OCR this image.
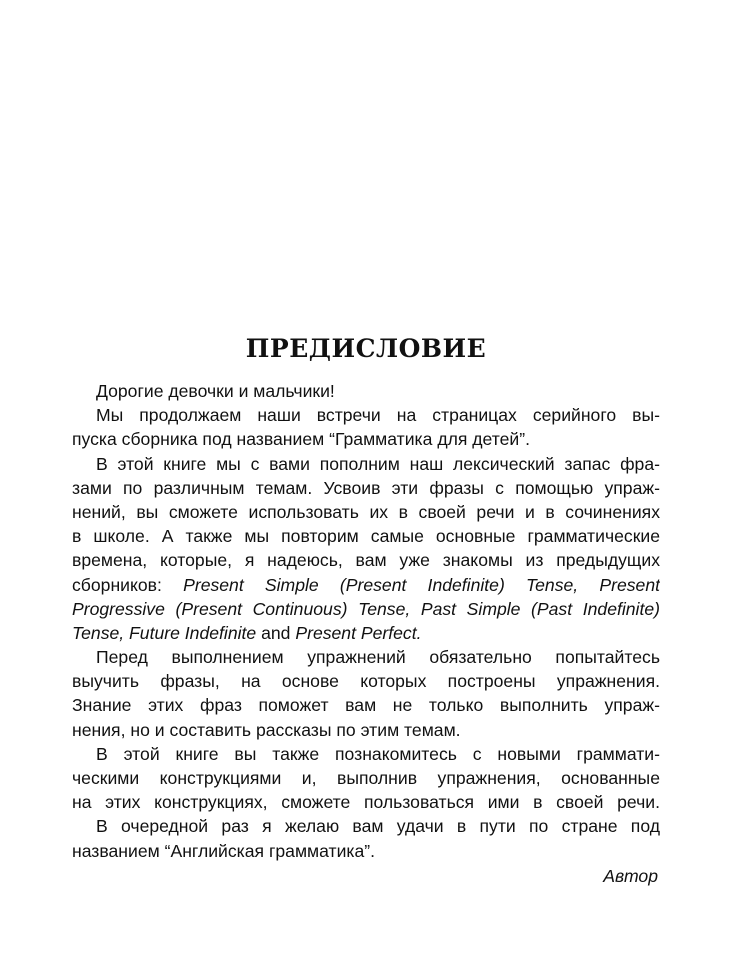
ПРЕДИСЛОВИЕ
Дорогие девочки и мальчики!
Мы продолжаем наши встречи на страницах серийного вы-
пуска сборника под названием “Грамматика для детей”.
В этой книге мы с вами пополним наш лексический запас фра-
зами по различным темам. Усвоив эти фразы с помощью упраж-
нений, вы сможете использовать их в своей речи и в сочинениях
в школе. А также мы повторим самые основные грамматические
времена, которые, я надеюсь, вам уже знакомы из предыдущих
сборников: Present Simple (Present Indefinite) Tense, Present
Progressive (Present Continuous) Tense, Past Simple (Past Indefinite)
Tense, Future Indefinite and Present Perfect.
Перед выполнением упражнений обязательно попытайтесь
выучить фразы, на основе которых построены упражнения.
Знание этих фраз поможет вам не только выполнить упраж-
нения, но и составить рассказы по этим темам.
В этой книге вы также познакомитесь с новыми граммати-
ческими конструкциями и, выполнив упражнения, основанные
на этих конструкциях, сможете пользоваться ими в своей речи.
В очередной раз я желаю вам удачи в пути по стране под
названием “Английская грамматика”.
Автор
